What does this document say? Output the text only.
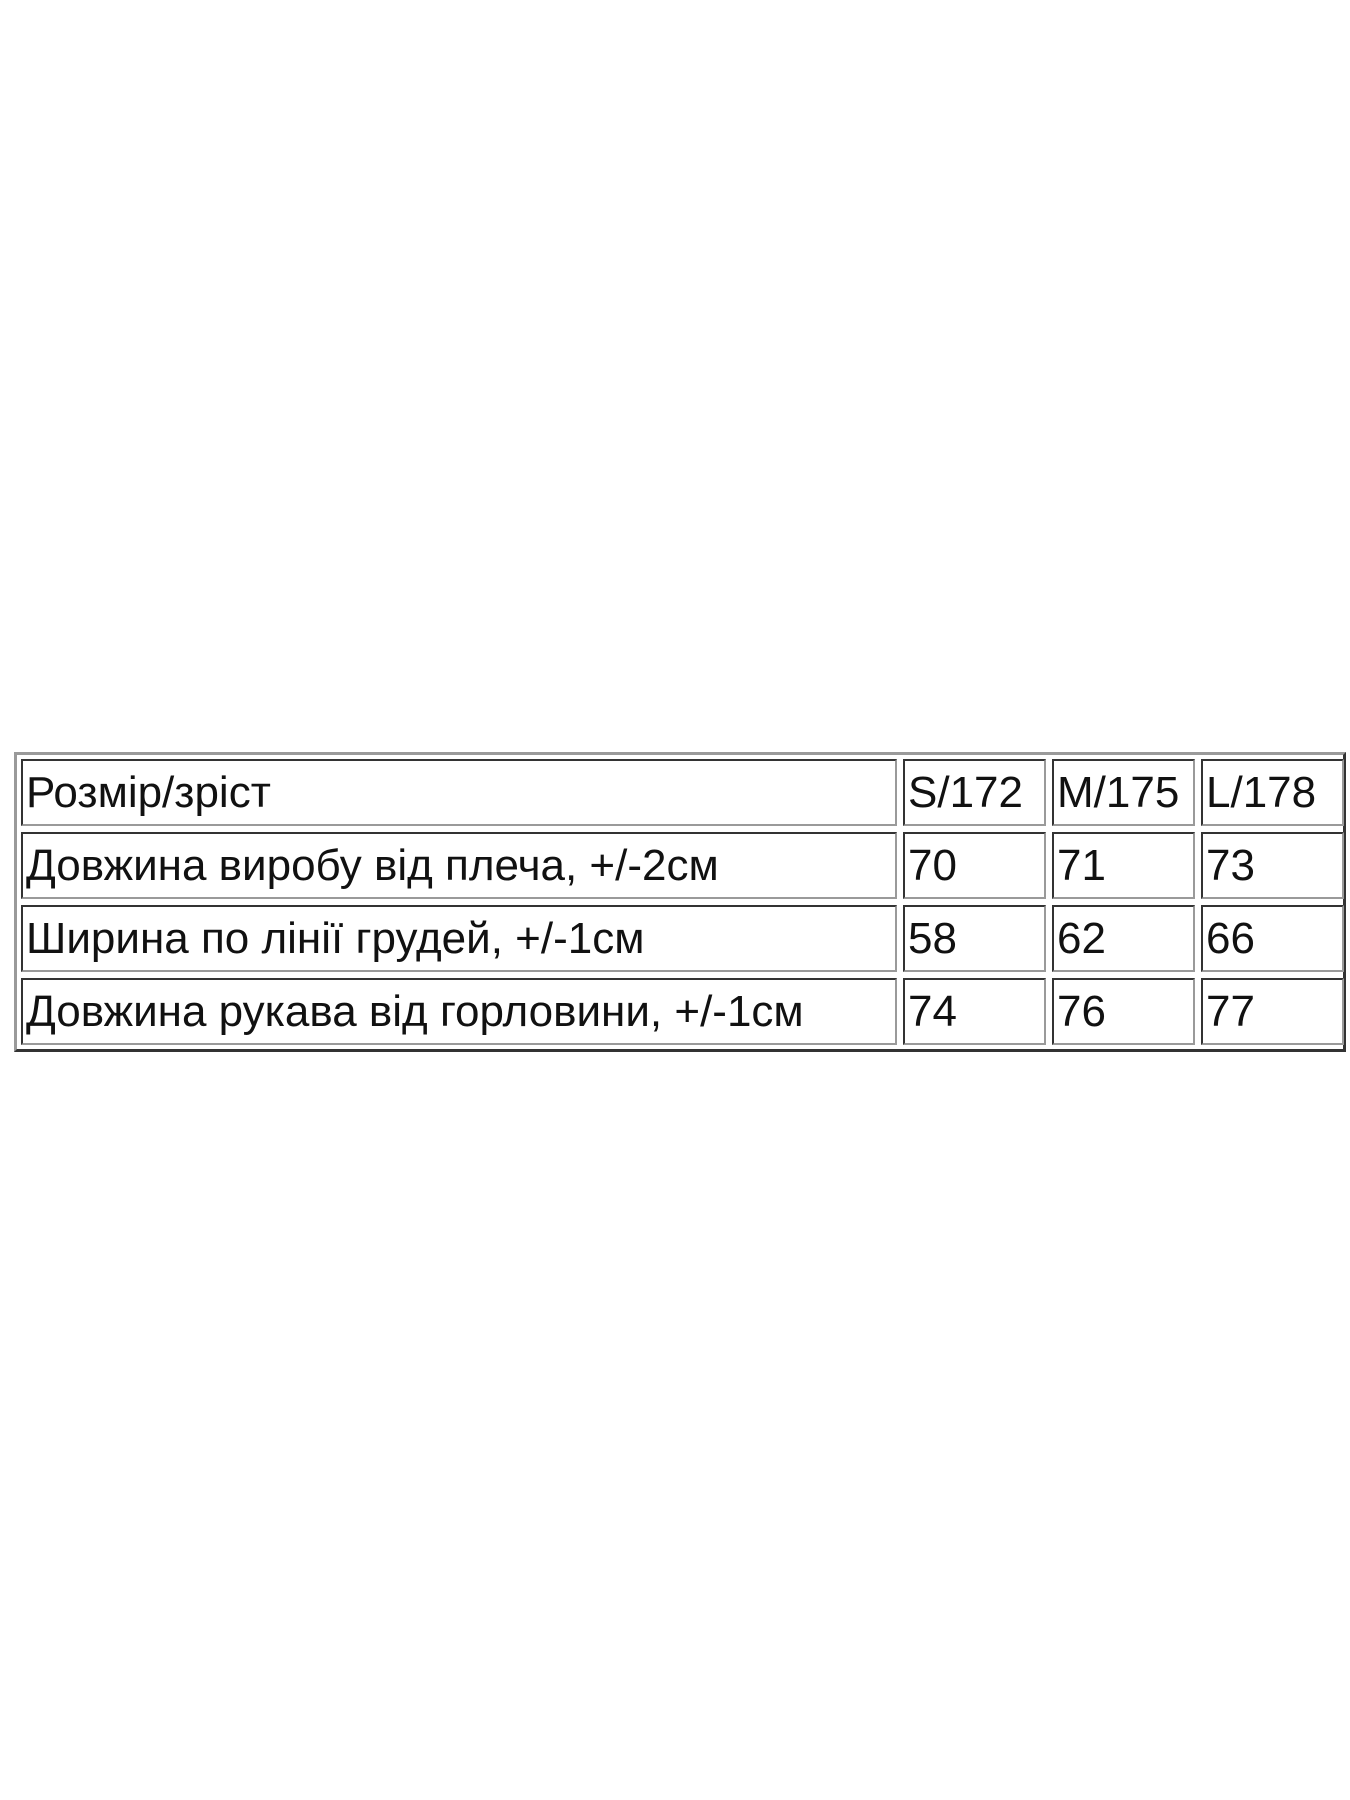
Розмір/зріст	S/172	M/175	L/178
Довжина виробу від плеча, +/-2см	70	71	73
Ширина по лінії грудей, +/-1см	58	62	66
Довжина рукава від горловини, +/-1см	74	76	77
